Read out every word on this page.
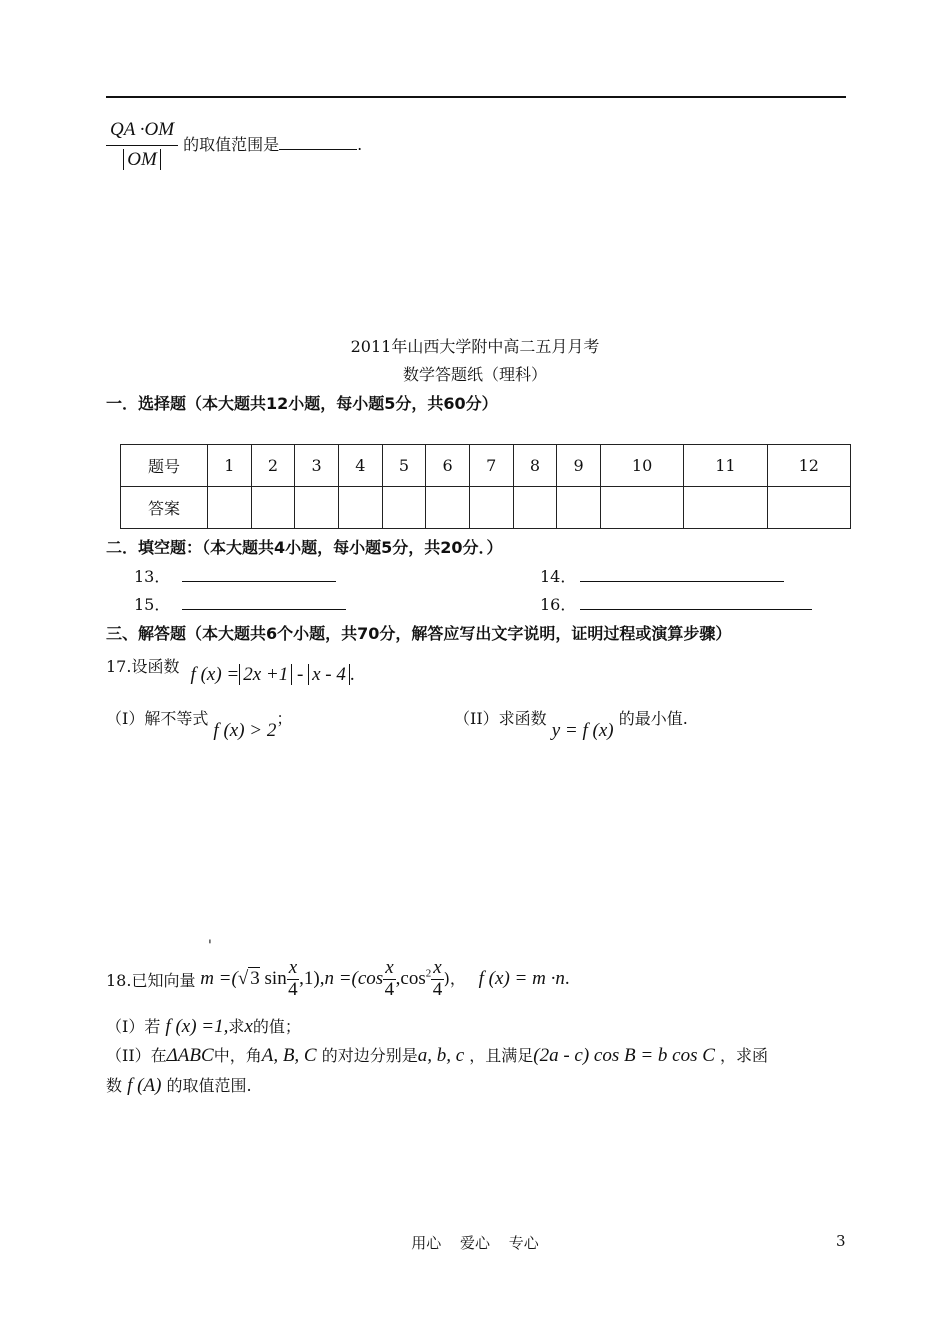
$\frac{QA \cdot OM}{OM}$ 的取值范围是	.
2011年山西大学附中高二五月月考
数学答题纸（理科）
一．选择题（本大题共12小题，每小题5分，共60分）
题号	1	2	3	4	5	6	7	8	9	10	11	12
答案												
二．填空题：（本大题共4小题，每小题5分，共20分．）
13．	14．
15．	16．
三、解答题（本大题共6个小题，共70分，解答应写出文字说明，证明过程或演算步骤）
17.设函数 f (x) = 2x +1 - x - 4 .
（I）解不等式 f (x) > 2；	（II）求函数 y = f (x) 的最小值.
'
18.已知向量 m =(√ 3 $\sin \frac{x}{4} ,1),n =(\cos \frac{x}{4} ,\cos^2 \frac{x}{4}$ )， f (x) = m ·n.
（I）若 f (x) =1,求x的值；
（II）在ΔABC中，角A, B, C 的对边分别是a, b, c ，且满足(2a - c) cos B = b cos C ，求函
数 f (A) 的取值范围.
用心 爱心 专心	3
